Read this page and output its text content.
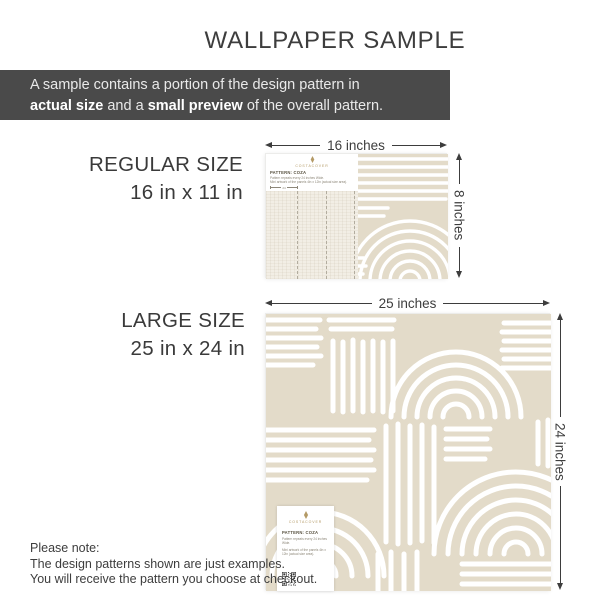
WALLPAPER SAMPLE

A sample contains a portion of the design pattern in

actual size and a small preview of the overall pattern.

REGULAR SIZE
16 in x 11 in
16 inches
COSTACOVER
PATTERN: COZA
Pattern repeats every 24 inches Wide.
Mini artwork of the panels 4in x 12in (actual size area).
24
8 inches
LARGE SIZE
25 in x 24 in
25 inches
COSTACOVER
PATTERN: COZA
Pattern repeats every 24 inches Wide.
Mini artwork of the panels 4in x 12in (actual size area).
24 inches
Please note:
The design patterns shown are just examples.
You will receive the pattern you choose at checkout.
